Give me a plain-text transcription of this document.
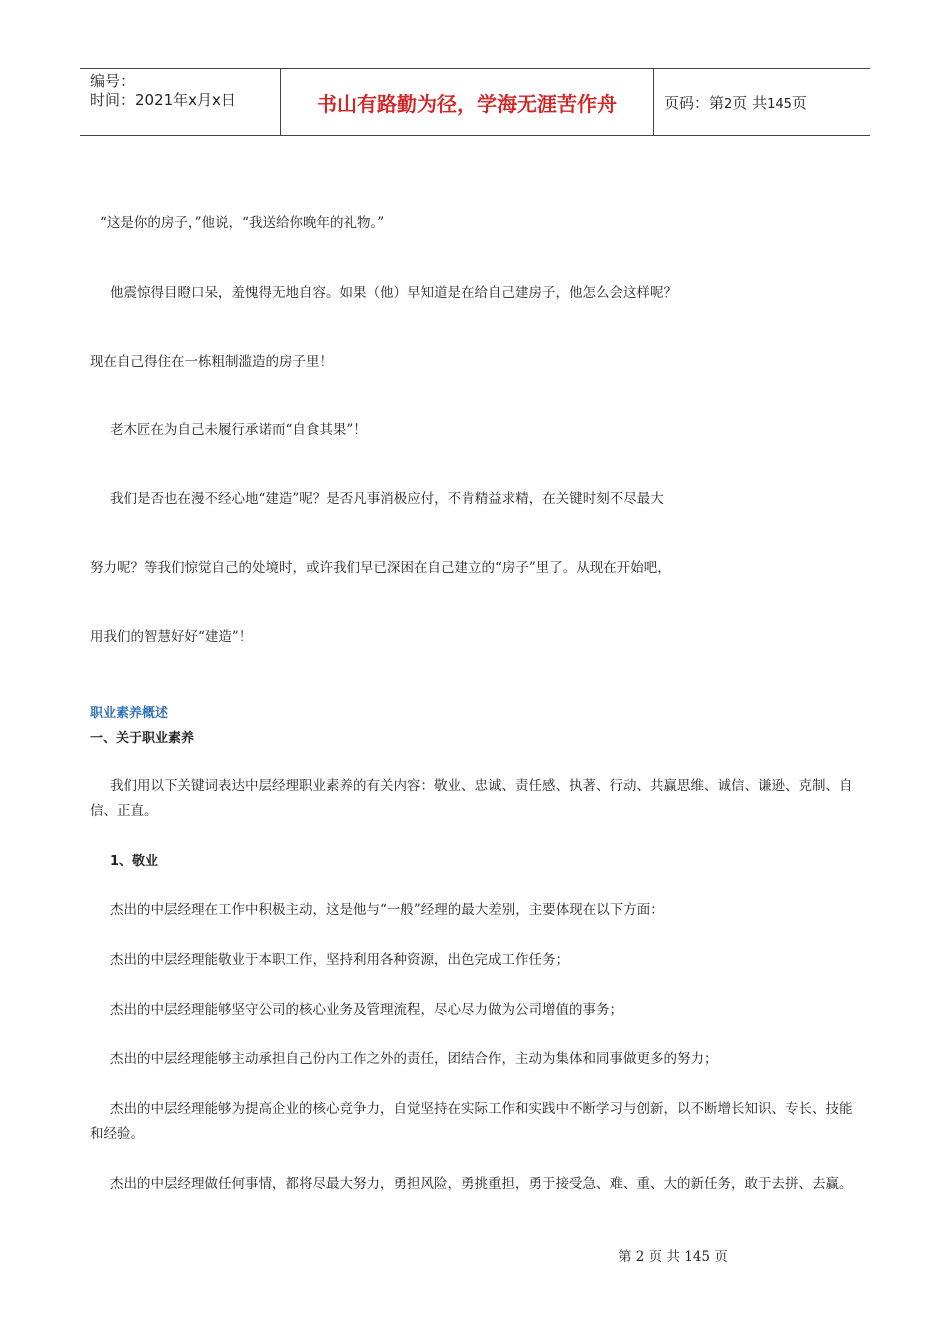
编号：
时间：2021年x月x日	书山有路勤为径，学海无涯苦作舟	页码：第2页 共145页
“这是你的房子，”他说，“我送给你晚年的礼物。”
他震惊得目瞪口呆，羞愧得无地自容。如果（他）早知道是在给自己建房子，他怎么会这样呢？
现在自己得住在一栋粗制滥造的房子里！
老木匠在为自己未履行承诺而“自食其果”！
我们是否也在漫不经心地“建造”呢？是否凡事消极应付，不肯精益求精，在关键时刻不尽最大
努力呢？等我们惊觉自己的处境时，或许我们早已深困在自己建立的“房子”里了。从现在开始吧，
用我们的智慧好好“建造”！
职业素养概述
一、关于职业素养
我们用以下关键词表达中层经理职业素养的有关内容：敬业、忠诚、责任感、执著、行动、共赢思维、诚信、谦逊、克制、自信、正直。
1、敬业
杰出的中层经理在工作中积极主动，这是他与“一般”经理的最大差别，主要体现在以下方面：
杰出的中层经理能敬业于本职工作，坚持利用各种资源，出色完成工作任务；
杰出的中层经理能够坚守公司的核心业务及管理流程，尽心尽力做为公司增值的事务；
杰出的中层经理能够主动承担自己份内工作之外的责任，团结合作，主动为集体和同事做更多的努力；
杰出的中层经理能够为提高企业的核心竞争力，自觉坚持在实际工作和实践中不断学习与创新，以不断增长知识、专长、技能和经验。
杰出的中层经理做任何事情，都将尽最大努力，勇担风险，勇挑重担，勇于接受急、难、重、大的新任务，敢于去拼、去赢。
第 2 页 共 145 页
